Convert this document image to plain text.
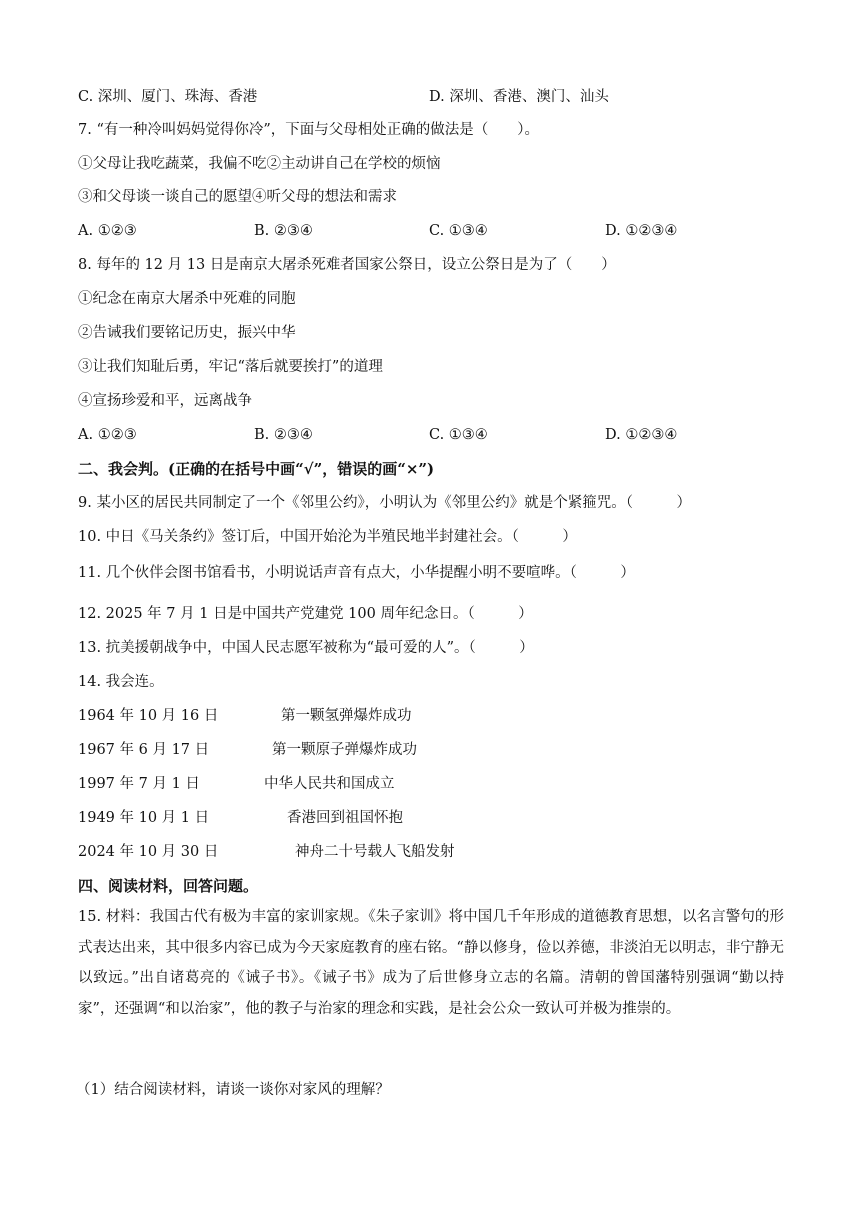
C. 深圳、厦门、珠海、香港	D. 深圳、香港、澳门、汕头
7. “有一种冷叫妈妈觉得你冷”，下面与父母相处正确的做法是（　　）。
①父母让我吃蔬菜，我偏不吃②主动讲自己在学校的烦恼
③和父母谈一谈自己的愿望④听父母的想法和需求
A. ①②③	B. ②③④	C. ①③④	D. ①②③④
8. 每年的 12 月 13 日是南京大屠杀死难者国家公祭日，设立公祭日是为了（　　）
①纪念在南京大屠杀中死难的同胞
②告诫我们要铭记历史，振兴中华
③让我们知耻后勇，牢记“落后就要挨打”的道理
④宣扬珍爱和平，远离战争
A. ①②③	B. ②③④	C. ①③④	D. ①②③④
二、我会判。(正确的在括号中画“√”，错误的画“×”)
9. 某小区的居民共同制定了一个《邻里公约》，小明认为《邻里公约》就是个紧箍咒。（　　　）
10. 中日《马关条约》签订后，中国开始沦为半殖民地半封建社会。（　　　）
11. 几个伙伴会图书馆看书，小明说话声音有点大，小华提醒小明不要喧哗。（　　　）
12. 2025 年 7 月 1 日是中国共产党建党 100 周年纪念日。（　　　）
13. 抗美援朝战争中，中国人民志愿军被称为“最可爱的人”。（　　　）
14. 我会连。
1964 年 10 月 16 日	第一颗氢弹爆炸成功
1967 年 6 月 17 日	第一颗原子弹爆炸成功
1997 年 7 月 1 日	中华人民共和国成立
1949 年 10 月 1 日	香港回到祖国怀抱
2024 年 10 月 30 日	神舟二十号载人飞船发射
四、阅读材料，回答问题。
15. 材料：我国古代有极为丰富的家训家规。《朱子家训》将中国几千年形成的道德教育思想，以名言警句的形式表达出来，其中很多内容已成为今天家庭教育的座右铭。“静以修身，俭以养德，非淡泊无以明志，非宁静无以致远。”出自诸葛亮的《诫子书》。《诫子书》成为了后世修身立志的名篇。清朝的曾国藩特别强调“勤以持家”，还强调“和以治家”，他的教子与治家的理念和实践，是社会公众一致认可并极为推崇的。
（1）结合阅读材料，请谈一谈你对家风的理解？
